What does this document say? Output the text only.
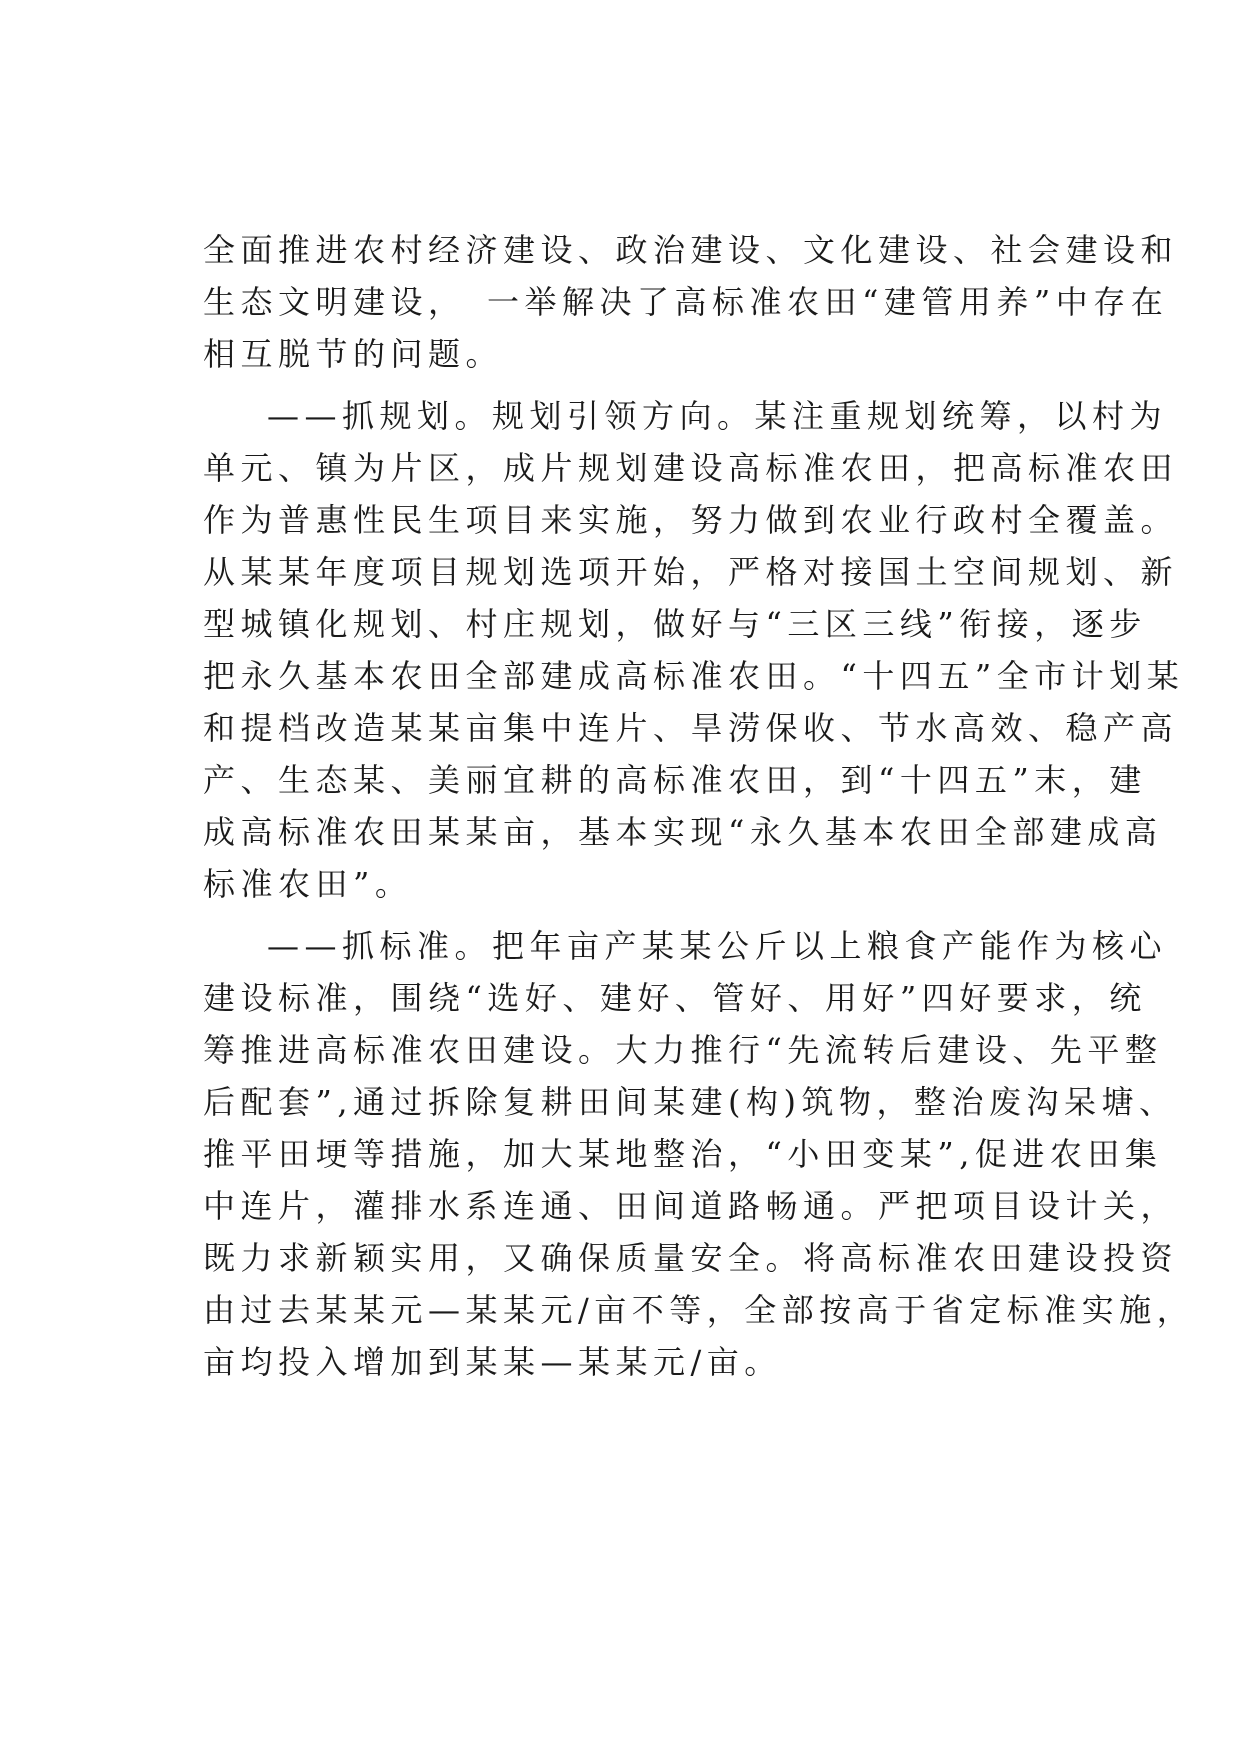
全面推进农村经济建设、政治建设、文化建设、社会建设和
生态文明建设，　一举解决了高标准农田“建管用养”中存在
相互脱节的问题。
——抓规划。规划引领方向。某注重规划统筹，以村为
单元、镇为片区，成片规划建设高标准农田，把高标准农田
作为普惠性民生项目来实施，努力做到农业行政村全覆盖。
从某某年度项目规划选项开始，严格对接国土空间规划、新
型城镇化规划、村庄规划，做好与“三区三线”衔接，逐步
把永久基本农田全部建成高标准农田。“十四五”全市计划某
和提档改造某某亩集中连片、旱涝保收、节水高效、稳产高
产、生态某、美丽宜耕的高标准农田，到“十四五”末，建
成高标准农田某某亩，基本实现“永久基本农田全部建成高
标准农田”。
——抓标准。把年亩产某某公斤以上粮食产能作为核心
建设标准，围绕“选好、建好、管好、用好”四好要求，统
筹推进高标准农田建设。大力推行“先流转后建设、先平整
后配套”,通过拆除复耕田间某建(构)筑物，整治废沟呆塘、
推平田埂等措施，加大某地整治，“小田变某”,促进农田集
中连片，灌排水系连通、田间道路畅通。严把项目设计关，
既力求新颖实用，又确保质量安全。将高标准农田建设投资
由过去某某元—某某元/亩不等，全部按高于省定标准实施，
亩均投入增加到某某—某某元/亩。
